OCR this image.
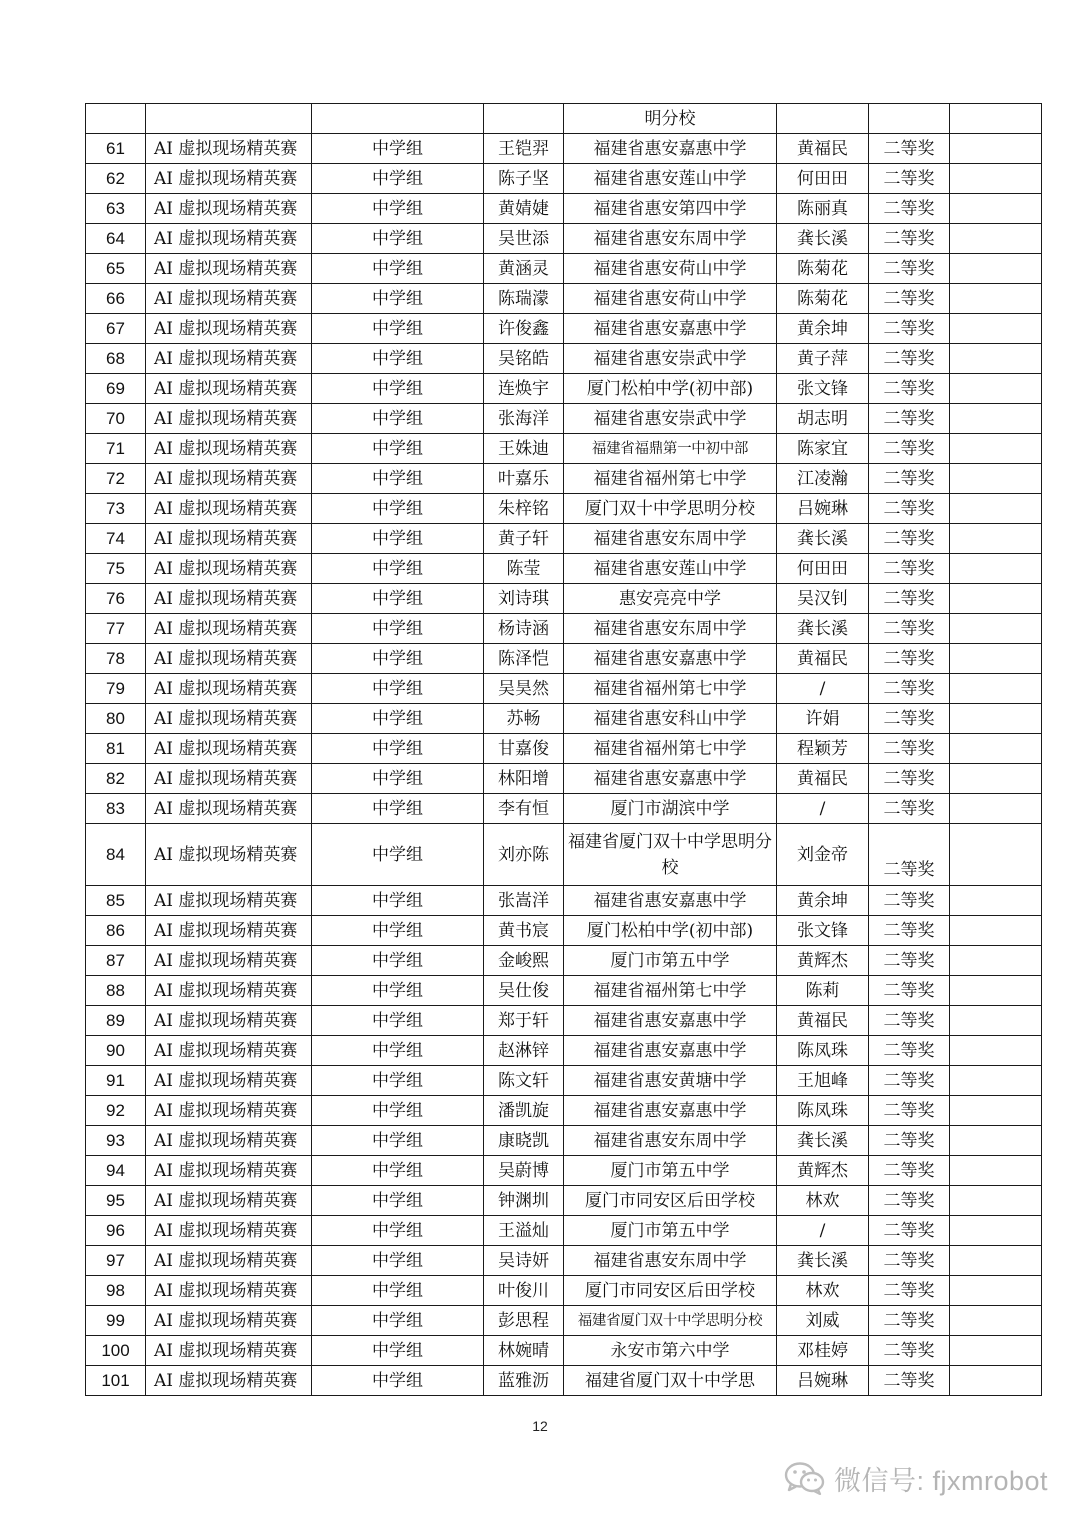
				明分校			
61	AI 虚拟现场精英赛	中学组	王铠羿	福建省惠安嘉惠中学	黄福民	二等奖	
62	AI 虚拟现场精英赛	中学组	陈子坚	福建省惠安莲山中学	何田田	二等奖	
63	AI 虚拟现场精英赛	中学组	黄婧婕	福建省惠安第四中学	陈丽真	二等奖	
64	AI 虚拟现场精英赛	中学组	吴世添	福建省惠安东周中学	龚长溪	二等奖	
65	AI 虚拟现场精英赛	中学组	黄涵灵	福建省惠安荷山中学	陈菊花	二等奖	
66	AI 虚拟现场精英赛	中学组	陈瑞濛	福建省惠安荷山中学	陈菊花	二等奖	
67	AI 虚拟现场精英赛	中学组	许俊鑫	福建省惠安嘉惠中学	黄余坤	二等奖	
68	AI 虚拟现场精英赛	中学组	吴铭皓	福建省惠安崇武中学	黄子萍	二等奖	
69	AI 虚拟现场精英赛	中学组	连焕宇	厦门松柏中学(初中部)	张文锋	二等奖	
70	AI 虚拟现场精英赛	中学组	张海洋	福建省惠安崇武中学	胡志明	二等奖	
71	AI 虚拟现场精英赛	中学组	王姝迪	福建省福鼎第一中初中部	陈家宜	二等奖	
72	AI 虚拟现场精英赛	中学组	叶嘉乐	福建省福州第七中学	江凌瀚	二等奖	
73	AI 虚拟现场精英赛	中学组	朱梓铭	厦门双十中学思明分校	吕婉琳	二等奖	
74	AI 虚拟现场精英赛	中学组	黄子轩	福建省惠安东周中学	龚长溪	二等奖	
75	AI 虚拟现场精英赛	中学组	陈莹	福建省惠安莲山中学	何田田	二等奖	
76	AI 虚拟现场精英赛	中学组	刘诗琪	惠安亮亮中学	吴汉钊	二等奖	
77	AI 虚拟现场精英赛	中学组	杨诗涵	福建省惠安东周中学	龚长溪	二等奖	
78	AI 虚拟现场精英赛	中学组	陈泽恺	福建省惠安嘉惠中学	黄福民	二等奖	
79	AI 虚拟现场精英赛	中学组	吴昊然	福建省福州第七中学	/	二等奖	
80	AI 虚拟现场精英赛	中学组	苏畅	福建省惠安科山中学	许娟	二等奖	
81	AI 虚拟现场精英赛	中学组	甘嘉俊	福建省福州第七中学	程颖芳	二等奖	
82	AI 虚拟现场精英赛	中学组	林阳增	福建省惠安嘉惠中学	黄福民	二等奖	
83	AI 虚拟现场精英赛	中学组	李有恒	厦门市湖滨中学	/	二等奖	
84	AI 虚拟现场精英赛	中学组	刘亦陈	福建省厦门双十中学思明分校	刘金帝	二等奖	
85	AI 虚拟现场精英赛	中学组	张嵩洋	福建省惠安嘉惠中学	黄余坤	二等奖	
86	AI 虚拟现场精英赛	中学组	黄书宸	厦门松柏中学(初中部)	张文锋	二等奖	
87	AI 虚拟现场精英赛	中学组	金峻熙	厦门市第五中学	黄辉杰	二等奖	
88	AI 虚拟现场精英赛	中学组	吴仕俊	福建省福州第七中学	陈莉	二等奖	
89	AI 虚拟现场精英赛	中学组	郑于轩	福建省惠安嘉惠中学	黄福民	二等奖	
90	AI 虚拟现场精英赛	中学组	赵淋锌	福建省惠安嘉惠中学	陈凤珠	二等奖	
91	AI 虚拟现场精英赛	中学组	陈文轩	福建省惠安黄塘中学	王旭峰	二等奖	
92	AI 虚拟现场精英赛	中学组	潘凯旋	福建省惠安嘉惠中学	陈凤珠	二等奖	
93	AI 虚拟现场精英赛	中学组	康晓凯	福建省惠安东周中学	龚长溪	二等奖	
94	AI 虚拟现场精英赛	中学组	吴蔚博	厦门市第五中学	黄辉杰	二等奖	
95	AI 虚拟现场精英赛	中学组	钟渊圳	厦门市同安区后田学校	林欢	二等奖	
96	AI 虚拟现场精英赛	中学组	王溢灿	厦门市第五中学	/	二等奖	
97	AI 虚拟现场精英赛	中学组	吴诗妍	福建省惠安东周中学	龚长溪	二等奖	
98	AI 虚拟现场精英赛	中学组	叶俊川	厦门市同安区后田学校	林欢	二等奖	
99	AI 虚拟现场精英赛	中学组	彭思程	福建省厦门双十中学思明分校	刘威	二等奖	
100	AI 虚拟现场精英赛	中学组	林婉晴	永安市第六中学	邓桂婷	二等奖	
101	AI 虚拟现场精英赛	中学组	蓝雅沥	福建省厦门双十中学思	吕婉琳	二等奖	
12
微信号: fjxmrobot
